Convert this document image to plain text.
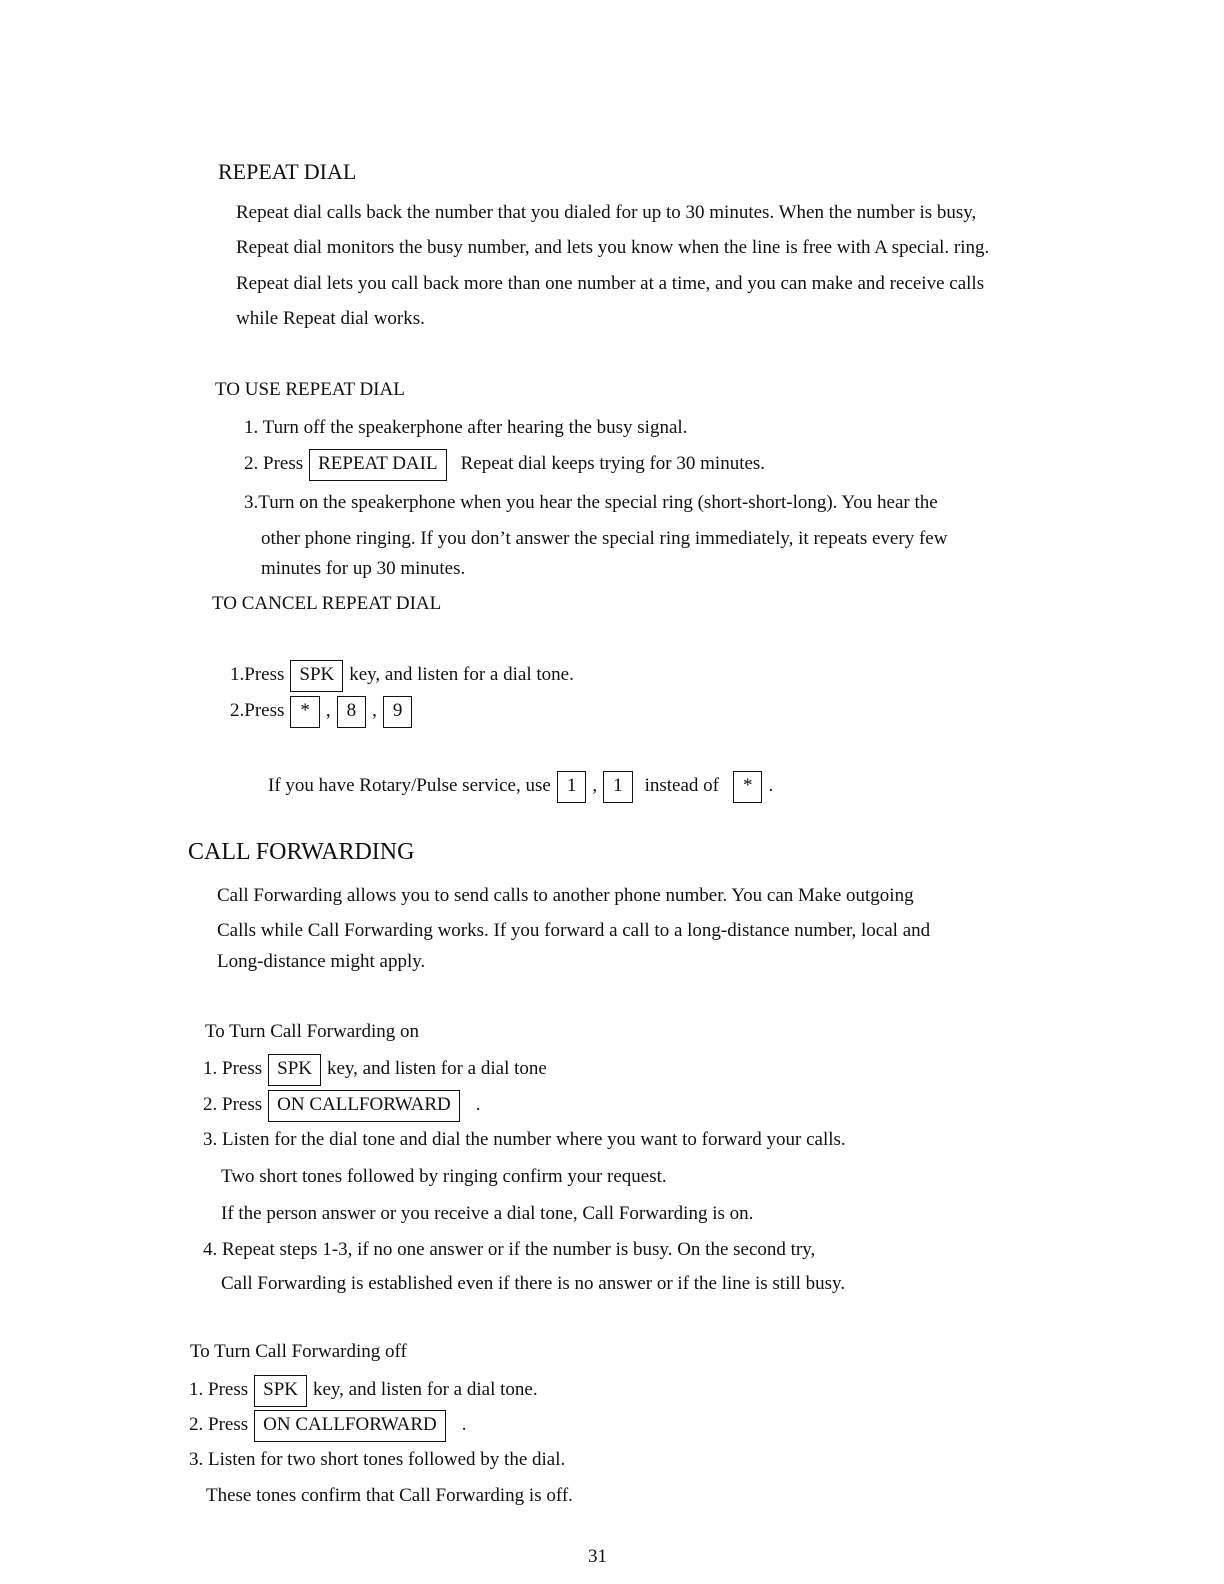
REPEAT DIAL
Repeat dial calls back the number that you dialed for up to 30 minutes. When the number is busy,
Repeat dial monitors the busy number, and lets you know when the line is free with A special. ring.
Repeat dial lets you call back more than one number at a time, and you can make and receive calls
while Repeat dial works.
TO USE REPEAT DIAL
1. Turn off the speakerphone after hearing the busy signal.
2. Press REPEAT DAIL Repeat dial keeps trying for 30 minutes.
3.Turn on the speakerphone when you hear the special ring (short-short-long). You hear the
other phone ringing. If you don’t answer the special ring immediately, it repeats every few
minutes for up 30 minutes.
TO CANCEL REPEAT DIAL
1.Press SPK key, and listen for a dial tone.
2.Press * , 8 , 9
If you have Rotary/Pulse service, use 1 , 1 instead of * .
CALL FORWARDING
Call Forwarding allows you to send calls to another phone number. You can Make outgoing
Calls while Call Forwarding works. If you forward a call to a long-distance number, local and
Long-distance might apply.
To Turn Call Forwarding on
1. Press SPK key, and listen for a dial tone
2. Press ON CALLFORWARD .
3. Listen for the dial tone and dial the number where you want to forward your calls.
Two short tones followed by ringing confirm your request.
If the person answer or you receive a dial tone, Call Forwarding is on.
4. Repeat steps 1-3, if no one answer or if the number is busy. On the second try,
Call Forwarding is established even if there is no answer or if the line is still busy.
To Turn Call Forwarding off
1. Press SPK key, and listen for a dial tone.
2. Press ON CALLFORWARD .
3. Listen for two short tones followed by the dial.
These tones confirm that Call Forwarding is off.
31
